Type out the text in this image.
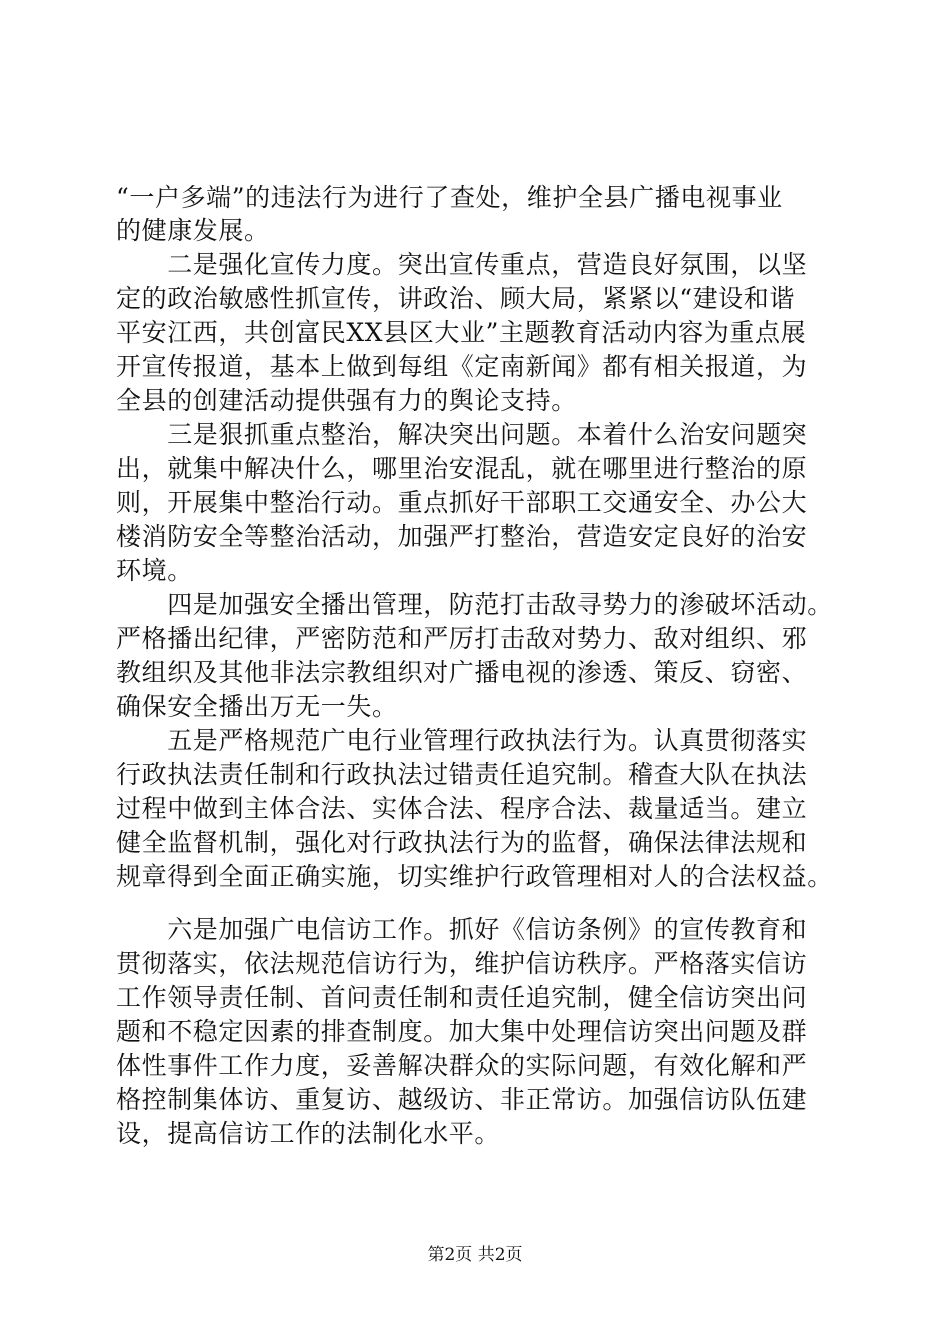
“一户多端”的违法行为进行了查处，维护全县广播电视事业
的健康发展。
　　二是强化宣传力度。突出宣传重点，营造良好氛围，以坚
定的政治敏感性抓宣传，讲政治、顾大局，紧紧以“建设和谐
平安江西，共创富民XX县区大业”主题教育活动内容为重点展
开宣传报道，基本上做到每组《定南新闻》都有相关报道，为
全县的创建活动提供强有力的舆论支持。
　　三是狠抓重点整治，解决突出问题。本着什么治安问题突
出，就集中解决什么，哪里治安混乱，就在哪里进行整治的原
则，开展集中整治行动。重点抓好干部职工交通安全、办公大
楼消防安全等整治活动，加强严打整治，营造安定良好的治安
环境。
　　四是加强安全播出管理，防范打击敌寻势力的渗破坏活动。
严格播出纪律，严密防范和严厉打击敌对势力、敌对组织、邪
教组织及其他非法宗教组织对广播电视的渗透、策反、窃密、
确保安全播出万无一失。
　　五是严格规范广电行业管理行政执法行为。认真贯彻落实
行政执法责任制和行政执法过错责任追究制。稽查大队在执法
过程中做到主体合法、实体合法、程序合法、裁量适当。建立
健全监督机制，强化对行政执法行为的监督，确保法律法规和
规章得到全面正确实施，切实维护行政管理相对人的合法权益。
　　六是加强广电信访工作。抓好《信访条例》的宣传教育和
贯彻落实，依法规范信访行为，维护信访秩序。严格落实信访
工作领导责任制、首问责任制和责任追究制，健全信访突出问
题和不稳定因素的排查制度。加大集中处理信访突出问题及群
体性事件工作力度，妥善解决群众的实际问题，有效化解和严
格控制集体访、重复访、越级访、非正常访。加强信访队伍建
设，提高信访工作的法制化水平。
第2页 共2页
